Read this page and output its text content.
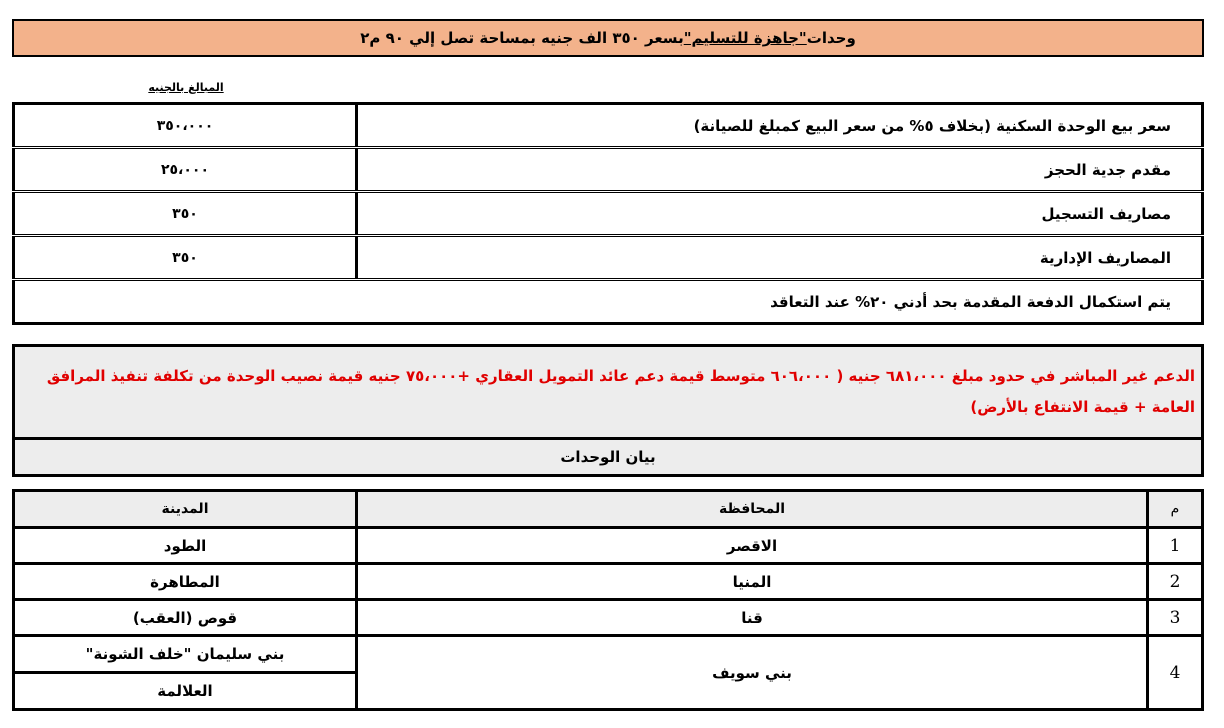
وحدات
"جاهزة للتسليم"
بسعر ٣٥٠ الف جنيه بمساحة تصل إلي ٩٠ م٢
المبالغ بالجنيه
سعر بيع الوحدة السكنية (بخلاف ٥% من سعر البيع كمبلغ للصيانة)	٣٥٠،٠٠٠
مقدم جدية الحجز	٢٥،٠٠٠
مصاريف التسجيل	٣٥٠
المصاريف الإدارية	٣٥٠
يتم استكمال الدفعة المقدمة بحد أدني ٢٠% عند التعاقد	
الدعم غير المباشر في حدود مبلغ ٦٨١،٠٠٠ جنيه ( ٦٠٦،٠٠٠ متوسط قيمة دعم عائد التمويل العقاري +٧٥،٠٠٠ جنيه قيمة نصيب الوحدة من تكلفة تنفيذ المرافق العامة + قيمة الانتفاع بالأرض)
بيان الوحدات
م	المحافظة	المدينة
1	الاقصر	الطود
2	المنيا	المطاهرة
3	قنا	قوص (العقب)
4	بني سويف	بني سليمان "خلف الشونة"
		العلالمة
